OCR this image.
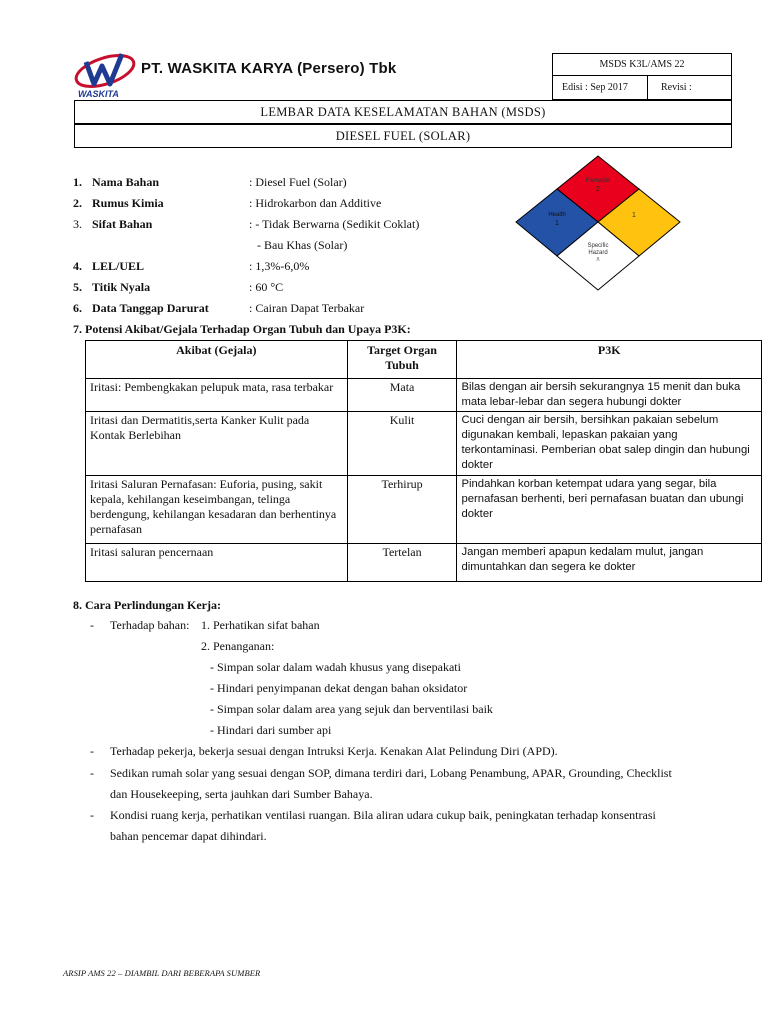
WASKITA
PT. WASKITA KARYA (Persero) Tbk	MSDS K3L/AMS 22
Edisi : Sep 2017	Revisi :
LEMBAR DATA KESELAMATAN BAHAN (MSDS)
DIESEL FUEL (SOLAR)
1. Nama Bahan	: Diesel Fuel (Solar)
2. Rumus Kimia	: Hidrokarbon dan Additive
3. Sifat Bahan	: - Tidak Berwarna (Sedikit Coklat)
- Bau Khas (Solar)
4. LEL/UEL	: 1,3%-6,0%
5. Titik Nyala	: 60 °C
6. Data Tanggap Darurat	: Cairan Dapat Terbakar
7. Potensi Akibat/Gejala Terhadap Organ Tubuh dan Upaya P3K:
Flamable
2
Health
1
1
Specific
Hazard
/\
Akibat (Gejala)	Target Organ Tubuh	P3K
Iritasi: Pembengkakan pelupuk mata, rasa terbakar	Mata	Bilas dengan air bersih sekurangnya 15 menit dan buka mata lebar-lebar dan segera hubungi dokter
Iritasi dan Dermatitis,serta Kanker Kulit pada Kontak Berlebihan	Kulit	Cuci dengan air bersih, bersihkan pakaian sebelum digunakan kembali, lepaskan pakaian yang terkontaminasi. Pemberian obat salep dingin dan hubungi dokter
Iritasi Saluran Pernafasan: Euforia, pusing, sakit kepala, kehilangan keseimbangan, telinga berdengung, kehilangan kesadaran dan berhentinya pernafasan	Terhirup	Pindahkan korban ketempat udara yang segar, bila pernafasan berhenti, beri pernafasan buatan dan ubungi dokter
Iritasi saluran pencernaan	Tertelan	Jangan memberi apapun kedalam mulut, jangan dimuntahkan dan segera ke dokter
8. Cara Perlindungan Kerja:
- Terhadap bahan: 1. Perhatikan sifat bahan
2. Penanganan:
- Simpan solar dalam wadah khusus yang disepakati
- Hindari penyimpanan dekat dengan bahan oksidator
- Simpan solar dalam area yang sejuk dan berventilasi baik
- Hindari dari sumber api
- Terhadap pekerja, bekerja sesuai dengan Intruksi Kerja. Kenakan Alat Pelindung Diri (APD).
- Sedikan rumah solar yang sesuai dengan SOP, dimana terdiri dari, Lobang Penambung, APAR, Grounding, Checklist
dan Housekeeping, serta jauhkan dari Sumber Bahaya.
- Kondisi ruang kerja, perhatikan ventilasi ruangan. Bila aliran udara cukup baik, peningkatan terhadap konsentrasi
bahan pencemar dapat dihindari.
ARSIP AMS 22 – DIAMBIL DARI BEBERAPA SUMBER
